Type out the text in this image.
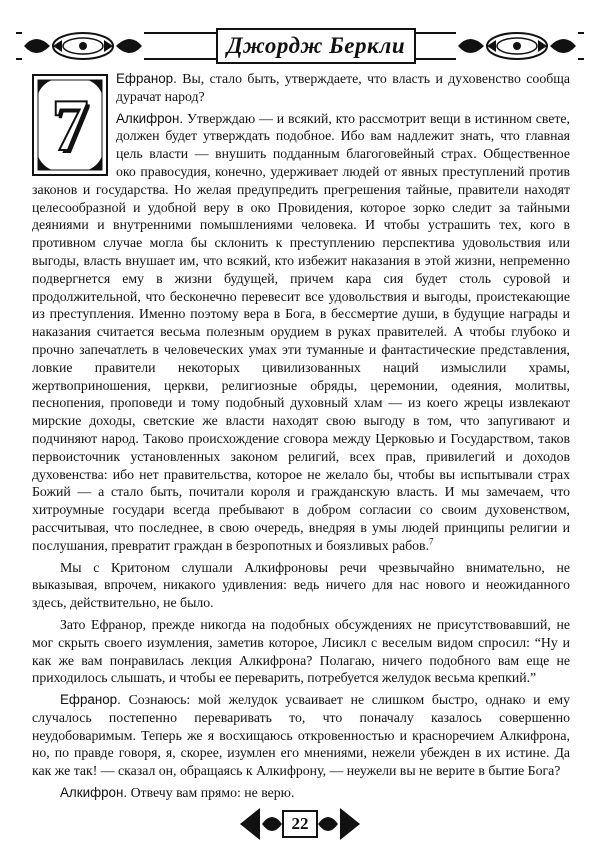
Джордж Беркли
7

Ефранор. Вы, стало быть, утверждаете, что власть и духовенство сообща дурачат народ?

Алкифрон. Утверждаю — и всякий, кто рассмотрит вещи в истинном свете, должен будет утверждать подобное. Ибо вам надлежит знать, что главная цель власти — внушить подданным благоговейный страх. Общественное око правосудия, конечно, удерживает людей от явных преступлений против законов и государства. Но желая предупредить прегрешения тайные, правители находят целесообразной и удобной веру в око Провидения, которое зорко следит за тайными деяниями и внутренними помышлениями человека. И чтобы устрашить тех, кого в противном случае могла бы склонить к преступлению перспектива удовольствия или выгоды, власть внушает им, что всякий, кто избежит наказания в этой жизни, непременно подвергнется ему в жизни будущей, причем кара сия будет столь суровой и продолжительной, что бесконечно перевесит все удовольствия и выгоды, проистекающие из преступления. Именно поэтому вера в Бога, в бессмертие души, в будущие награды и наказания считается весьма полезным орудием в руках правителей. А чтобы глубоко и прочно запечатлеть в человеческих умах эти туманные и фантастические представления, ловкие правители некоторых цивилизованных наций измыслили храмы, жертвоприношения, церкви, религиозные обряды, церемонии, одеяния, молитвы, песнопения, проповеди и тому подобный духовный хлам — из коего жрецы извлекают мирские доходы, светские же власти находят свою выгоду в том, что запугивают и подчиняют народ. Таково происхождение сговора между Церковью и Государством, таков первоисточник установленных законом религий, всех прав, привилегий и доходов духовенства: ибо нет правительства, которое не желало бы, чтобы вы испытывали страх Божий — а стало быть, почитали короля и гражданскую власть. И мы замечаем, что хитроумные государи всегда пребывают в добром согласии со своим духовенством, рассчитывая, что последнее, в свою очередь, внедряя в умы людей принципы религии и послушания, превратит граждан в безропотных и боязливых рабов.$^7$

Мы с Критоном слушали Алкифроновы речи чрезвычайно внимательно, не выказывая, впрочем, никакого удивления: ведь ничего для нас нового и неожиданного здесь, действительно, не было.

Зато Ефранор, прежде никогда на подобных обсуждениях не присутствовавший, не мог скрыть своего изумления, заметив которое, Лисикл с веселым видом спросил: “Ну и как же вам понравилась лекция Алкифрона? Полагаю, ничего подобного вам еще не приходилось слышать, и чтобы ее переварить, потребуется желудок весьма крепкий.”

Ефранор. Сознаюсь: мой желудок усваивает не слишком быстро, однако и ему случалось постепенно переваривать то, что поначалу казалось совершенно неудобоваримым. Теперь же я восхищаюсь откровенностью и красноречием Алкифрона, но, по правде говоря, я, скорее, изумлен его мнениями, нежели убежден в их истине. Да как же так! — сказал он, обращаясь к Алкифрону, — неужели вы не верите в бытие Бога?

Алкифрон. Отвечу вам прямо: не верю.

22
